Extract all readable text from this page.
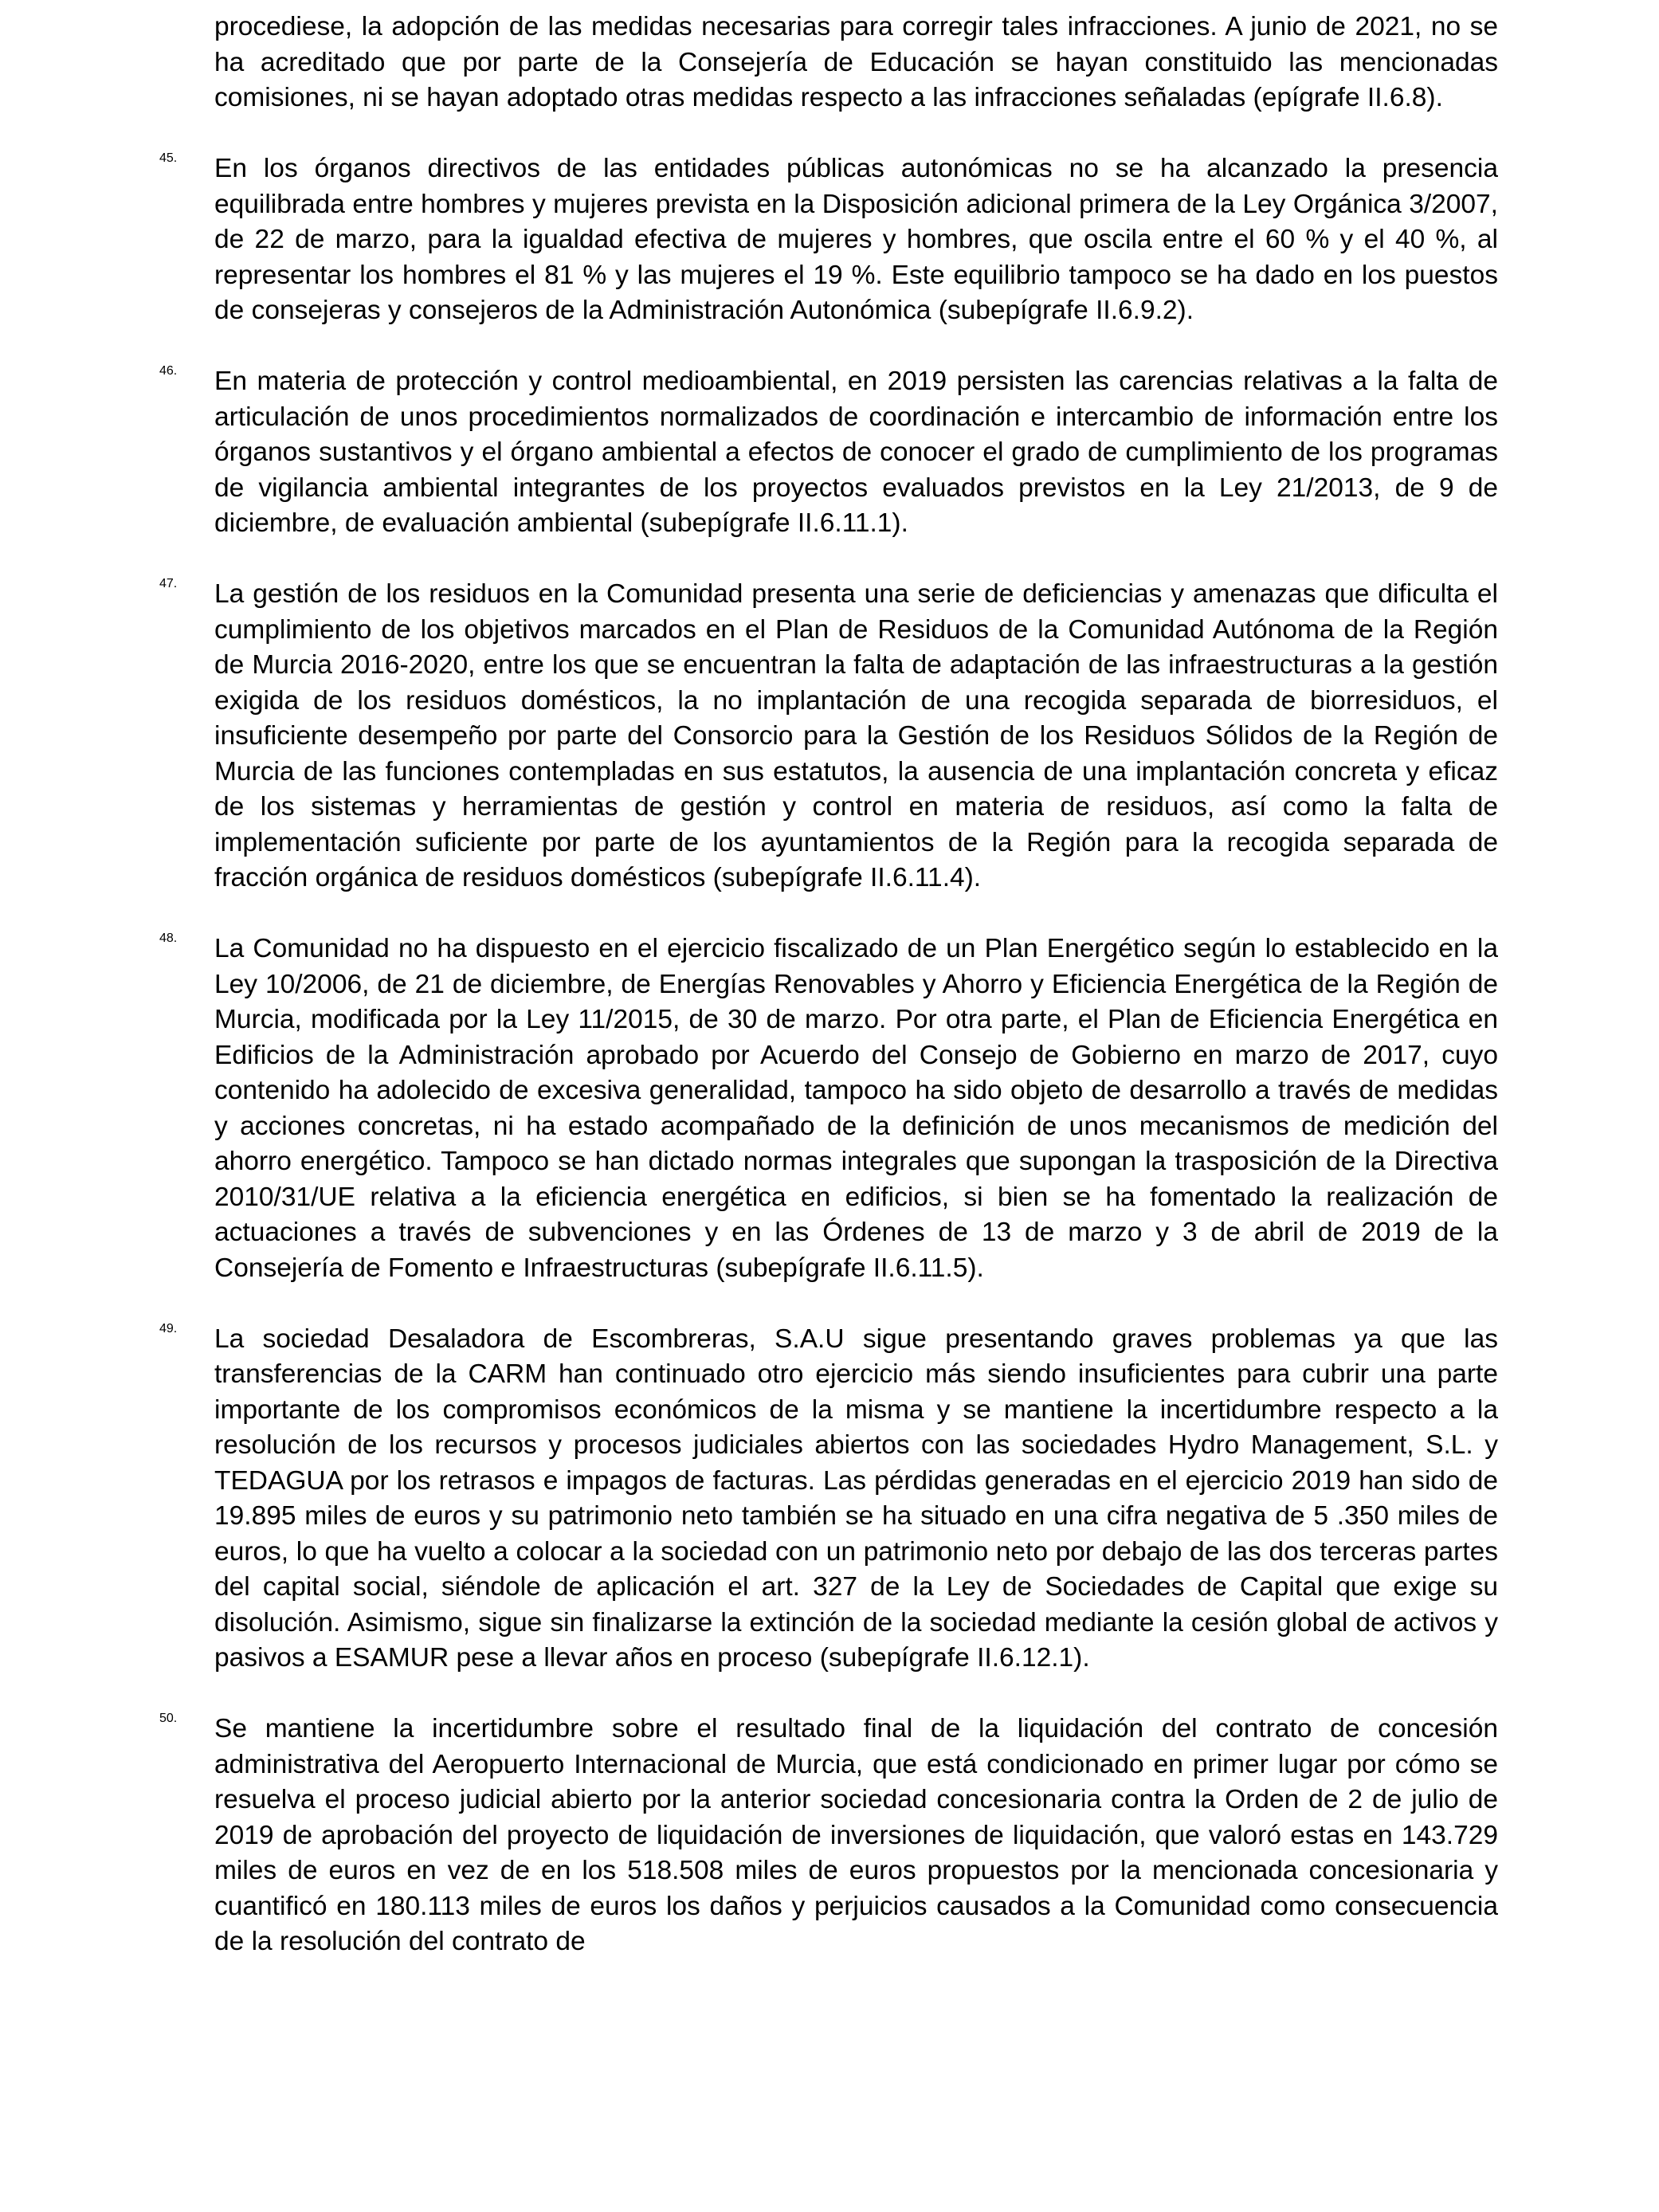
procediese, la adopción de las medidas necesarias para corregir tales infracciones. A junio de 2021, no se ha acreditado que por parte de la Consejería de Educación se hayan constituido las mencionadas comisiones, ni se hayan adoptado otras medidas respecto a las infracciones señaladas (epígrafe II.6.8).

45. En los órganos directivos de las entidades públicas autonómicas no se ha alcanzado la presencia equilibrada entre hombres y mujeres prevista en la Disposición adicional primera de la Ley Orgánica 3/2007, de 22 de marzo, para la igualdad efectiva de mujeres y hombres, que oscila entre el 60 % y el 40 %, al representar los hombres el 81 % y las mujeres el 19 %. Este equilibrio tampoco se ha dado en los puestos de consejeras y consejeros de la Administración Autonómica (subepígrafe II.6.9.2).

46. En materia de protección y control medioambiental, en 2019 persisten las carencias relativas a la falta de articulación de unos procedimientos normalizados de coordinación e intercambio de información entre los órganos sustantivos y el órgano ambiental a efectos de conocer el grado de cumplimiento de los programas de vigilancia ambiental integrantes de los proyectos evaluados previstos en la Ley 21/2013, de 9 de diciembre, de evaluación ambiental (subepígrafe II.6.11.1).

47. La gestión de los residuos en la Comunidad presenta una serie de deficiencias y amenazas que dificulta el cumplimiento de los objetivos marcados en el Plan de Residuos de la Comunidad Autónoma de la Región de Murcia 2016-2020, entre los que se encuentran la falta de adaptación de las infraestructuras a la gestión exigida de los residuos domésticos, la no implantación de una recogida separada de biorresiduos, el insuficiente desempeño por parte del Consorcio para la Gestión de los Residuos Sólidos de la Región de Murcia de las funciones contempladas en sus estatutos, la ausencia de una implantación concreta y eficaz de los sistemas y herramientas de gestión y control en materia de residuos, así como la falta de implementación suficiente por parte de los ayuntamientos de la Región para la recogida separada de fracción orgánica de residuos domésticos (subepígrafe II.6.11.4).

48. La Comunidad no ha dispuesto en el ejercicio fiscalizado de un Plan Energético según lo establecido en la Ley 10/2006, de 21 de diciembre, de Energías Renovables y Ahorro y Eficiencia Energética de la Región de Murcia, modificada por la Ley 11/2015, de 30 de marzo. Por otra parte, el Plan de Eficiencia Energética en Edificios de la Administración aprobado por Acuerdo del Consejo de Gobierno en marzo de 2017, cuyo contenido ha adolecido de excesiva generalidad, tampoco ha sido objeto de desarrollo a través de medidas y acciones concretas, ni ha estado acompañado de la definición de unos mecanismos de medición del ahorro energético. Tampoco se han dictado normas integrales que supongan la trasposición de la Directiva 2010/31/UE relativa a la eficiencia energética en edificios, si bien se ha fomentado la realización de actuaciones a través de subvenciones y en las Órdenes de 13 de marzo y 3 de abril de 2019 de la Consejería de Fomento e Infraestructuras (subepígrafe II.6.11.5).

49. La sociedad Desaladora de Escombreras, S.A.U sigue presentando graves problemas ya que las transferencias de la CARM han continuado otro ejercicio más siendo insuficientes para cubrir una parte importante de los compromisos económicos de la misma y se mantiene la incertidumbre respecto a la resolución de los recursos y procesos judiciales abiertos con las sociedades Hydro Management, S.L. y TEDAGUA por los retrasos e impagos de facturas. Las pérdidas generadas en el ejercicio 2019 han sido de 19.895 miles de euros y su patrimonio neto también se ha situado en una cifra negativa de 5 .350 miles de euros, lo que ha vuelto a colocar a la sociedad con un patrimonio neto por debajo de las dos terceras partes del capital social, siéndole de aplicación el art. 327 de la Ley de Sociedades de Capital que exige su disolución. Asimismo, sigue sin finalizarse la extinción de la sociedad mediante la cesión global de activos y pasivos a ESAMUR pese a llevar años en proceso (subepígrafe II.6.12.1).

50. Se mantiene la incertidumbre sobre el resultado final de la liquidación del contrato de concesión administrativa del Aeropuerto Internacional de Murcia, que está condicionado en primer lugar por cómo se resuelva el proceso judicial abierto por la anterior sociedad concesionaria contra la Orden de 2 de julio de 2019 de aprobación del proyecto de liquidación de inversiones de liquidación, que valoró estas en 143.729 miles de euros en vez de en los 518.508 miles de euros propuestos por la mencionada concesionaria y cuantificó en 180.113 miles de euros los daños y perjuicios causados a la Comunidad como consecuencia de la resolución del contrato de
